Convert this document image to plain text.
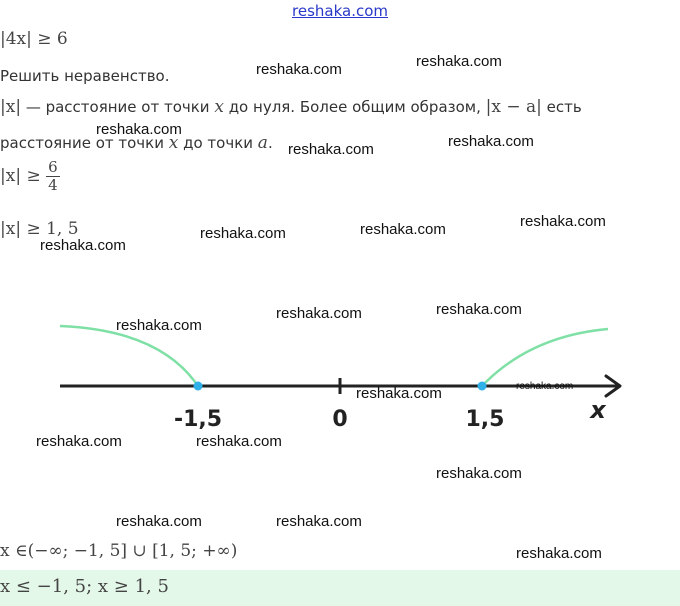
reshaka.com
|4x| ≥ 6
Решить неравенство.
|x| — расстояние от точки x до нуля. Более общим образом, |x − a| есть
расстояние от точки x до точки a.
$|x| \ge \frac{6}{4}$
|x| ≥ 1, 5
-1,5	0	1,5	x
x ∈(−∞; −1, 5] ∪ [1, 5; +∞)
x ≤ −1, 5; x ≥ 1, 5
reshaka.com	reshaka.com
reshaka.com
reshaka.com	reshaka.com
reshaka.com
reshaka.com	reshaka.com
reshaka.com
reshaka.com
reshaka.com
reshaka.com
reshaka.com	reshaka.com
reshaka.com	reshaka.com
reshaka.com
reshaka.com	reshaka.com
reshaka.com
